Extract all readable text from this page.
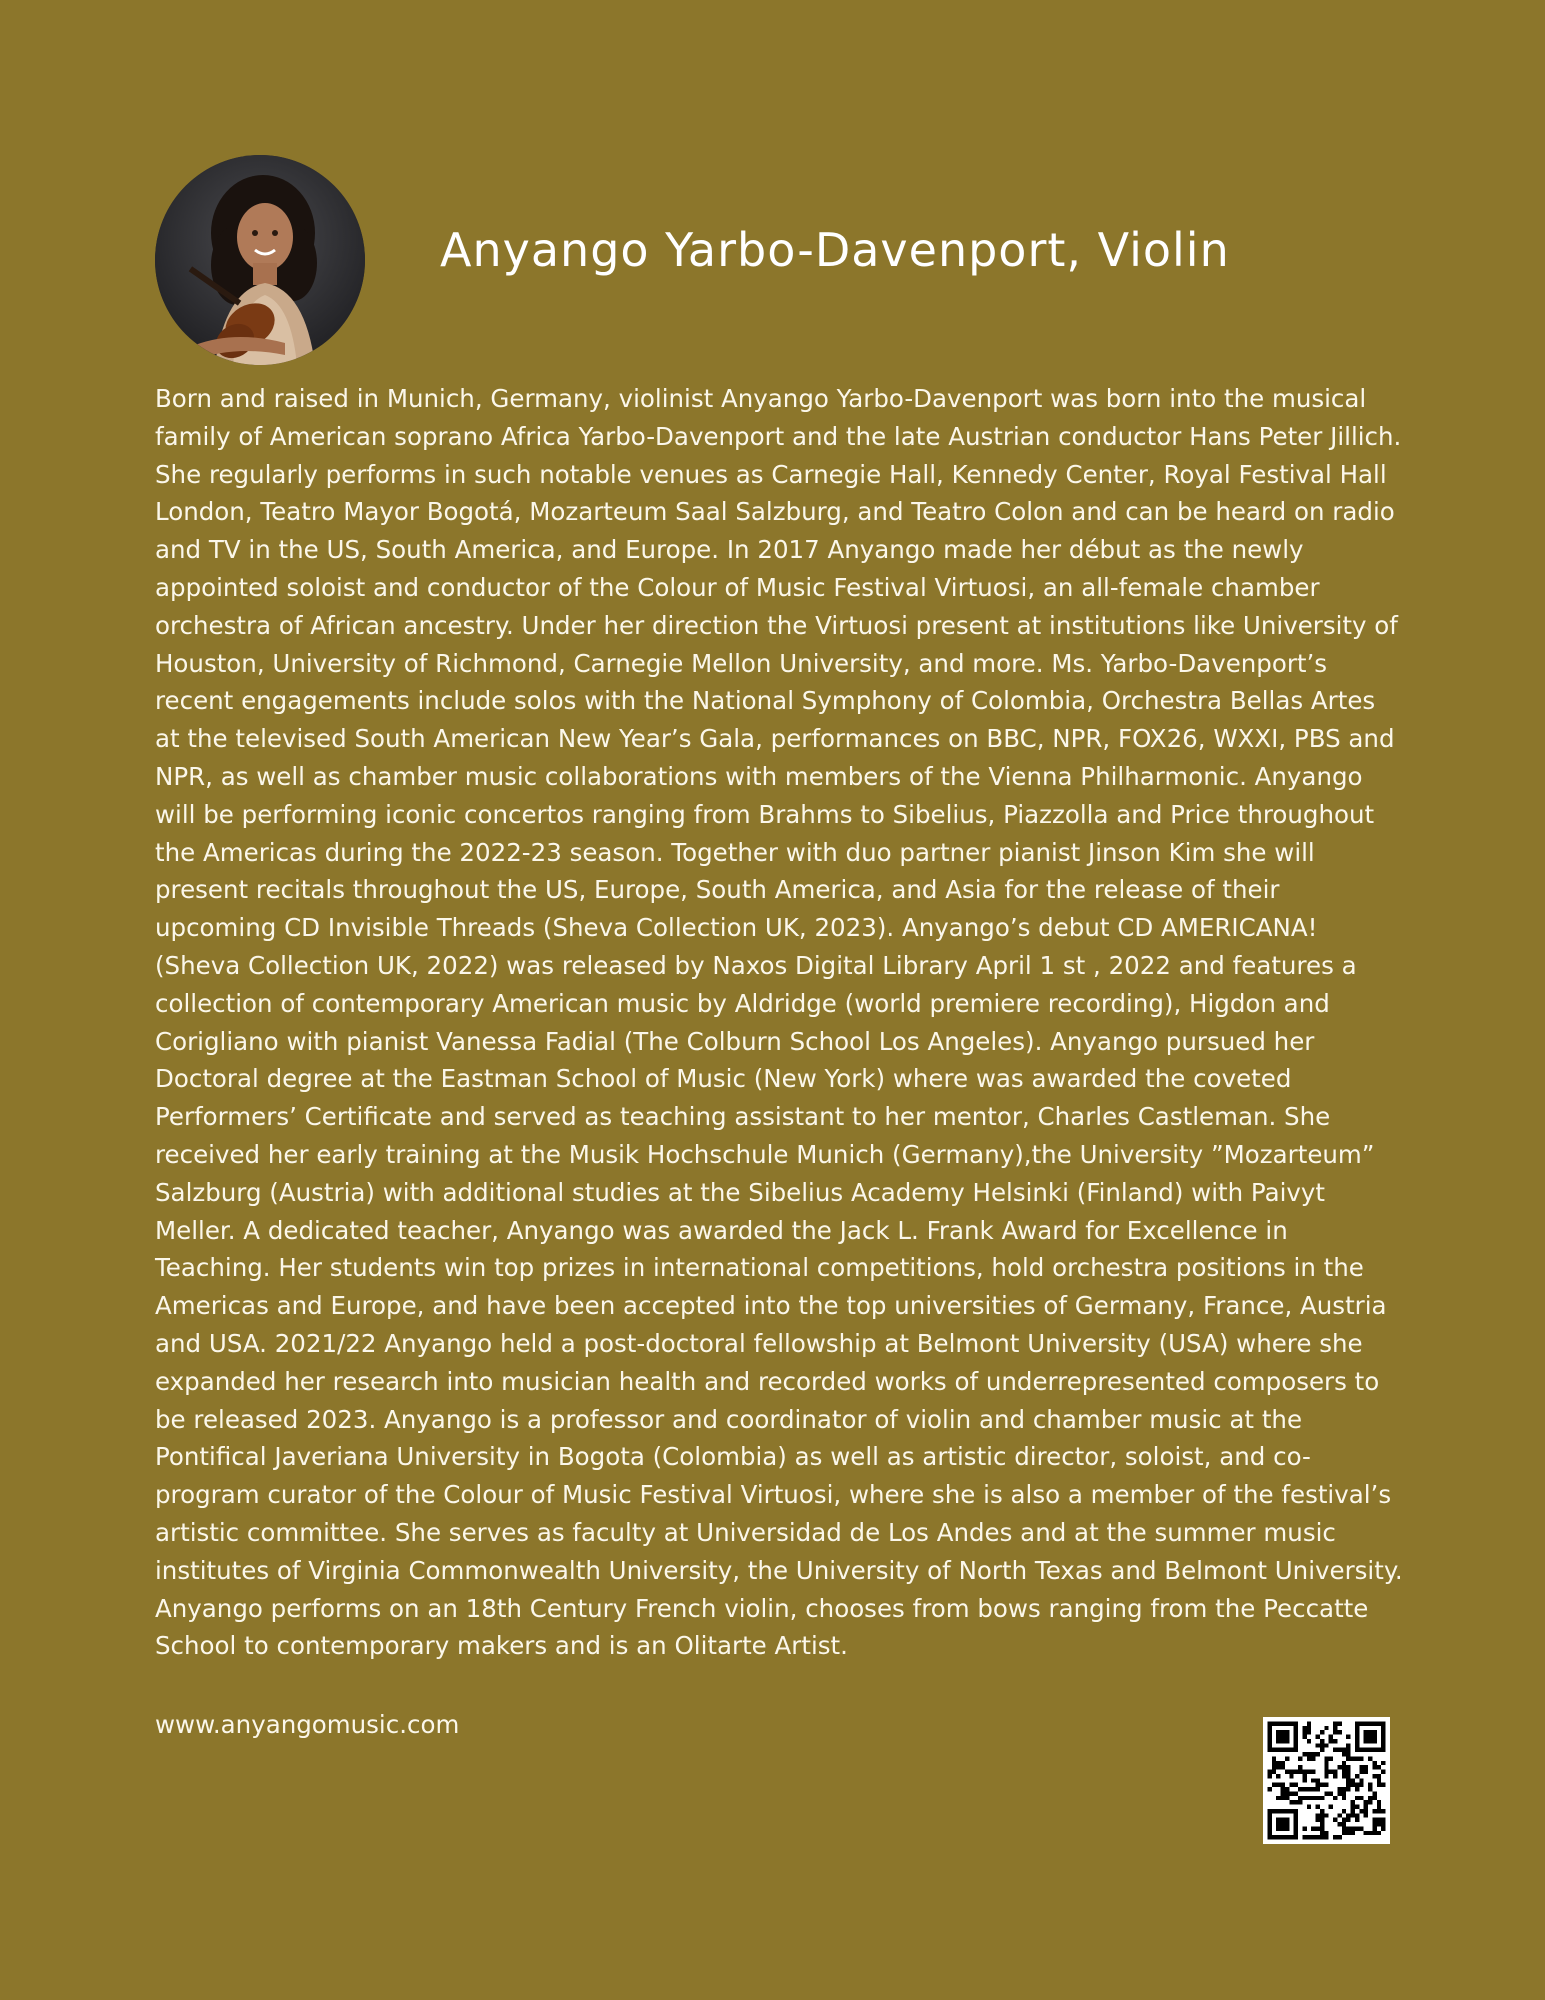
Anyango Yarbo-Davenport, Violin

Born and raised in Munich, Germany, violinist Anyango Yarbo-Davenport was born into the musical family of American soprano Africa Yarbo-Davenport and the late Austrian conductor Hans Peter Jillich. She regularly performs in such notable venues as Carnegie Hall, Kennedy Center, Royal Festival Hall London, Teatro Mayor Bogotá, Mozarteum Saal Salzburg, and Teatro Colon and can be heard on radio and TV in the US, South America, and Europe. In 2017 Anyango made her début as the newly appointed soloist and conductor of the Colour of Music Festival Virtuosi, an all-female chamber orchestra of African ancestry. Under her direction the Virtuosi present at institutions like University of Houston, University of Richmond, Carnegie Mellon University, and more. Ms. Yarbo-Davenport’s recent engagements include solos with the National Symphony of Colombia, Orchestra Bellas Artes at the televised South American New Year’s Gala, performances on BBC, NPR, FOX26, WXXI, PBS and NPR, as well as chamber music collaborations with members of the Vienna Philharmonic. Anyango will be performing iconic concertos ranging from Brahms to Sibelius, Piazzolla and Price throughout the Americas during the 2022-23 season. Together with duo partner pianist Jinson Kim she will present recitals throughout the US, Europe, South America, and Asia for the release of their upcoming CD Invisible Threads (Sheva Collection UK, 2023). Anyango’s debut CD AMERICANA! (Sheva Collection UK, 2022) was released by Naxos Digital Library April 1 st , 2022 and features a collection of contemporary American music by Aldridge (world premiere recording), Higdon and Corigliano with pianist Vanessa Fadial (The Colburn School Los Angeles). Anyango pursued her Doctoral degree at the Eastman School of Music (New York) where was awarded the coveted Performers’ Certificate and served as teaching assistant to her mentor, Charles Castleman. She received her early training at the Musik Hochschule Munich (Germany),the University ”Mozarteum” Salzburg (Austria) with additional studies at the Sibelius Academy Helsinki (Finland) with Paivyt Meller. A dedicated teacher, Anyango was awarded the Jack L. Frank Award for Excellence in Teaching. Her students win top prizes in international competitions, hold orchestra positions in the Americas and Europe, and have been accepted into the top universities of Germany, France, Austria and USA. 2021/22 Anyango held a post-doctoral fellowship at Belmont University (USA) where she expanded her research into musician health and recorded works of underrepresented composers to be released 2023. Anyango is a professor and coordinator of violin and chamber music at the Pontifical Javeriana University in Bogota (Colombia) as well as artistic director, soloist, and co-program curator of the Colour of Music Festival Virtuosi, where she is also a member of the festival’s artistic committee. She serves as faculty at Universidad de Los Andes and at the summer music institutes of Virginia Commonwealth University, the University of North Texas and Belmont University. Anyango performs on an 18th Century French violin, chooses from bows ranging from the Peccatte School to contemporary makers and is an Olitarte Artist.

www.anyangomusic.com
